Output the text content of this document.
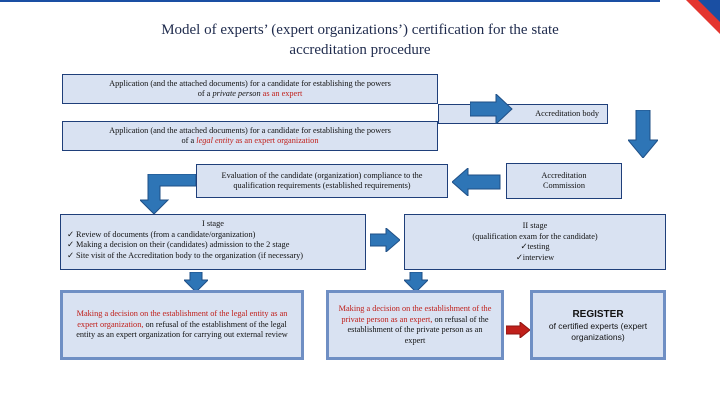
Model of experts’ (expert organizations’) certification for the state
accreditation procedure
Application (and the attached documents) for a candidate for establishing the powers
of a private person as an expert
Accreditation body
Application (and the attached documents) for a candidate for establishing the powers
of a legal entity as an expert organization
Evaluation of the candidate (organization) compliance to the
qualification requirements (established requirements)
Accreditation
Commission
I stage
✓ Review of documents (from a candidate/organization)
✓ Making a decision on their (candidates) admission to the 2 stage
✓ Site visit of the Accreditation body to the organization (if necessary)
II stage
(qualification exam for the candidate)
✓testing
✓interview
Making a decision on the establishment of the legal entity as an expert organization, on refusal of the establishment of the legal entity as an expert organization for carrying out external review
Making a decision on the establishment of the private person as an expert, on refusal of the establishment of the private person as an expert
REGISTER
of certified experts (expert organizations)
